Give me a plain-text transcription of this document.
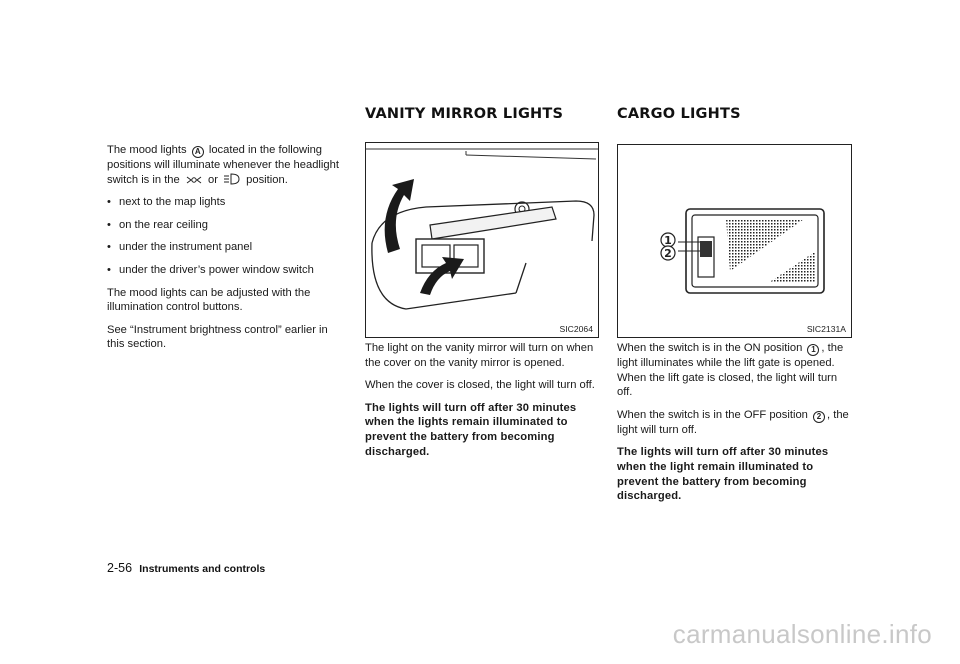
The mood lights A located in the following positions will illuminate whenever the headlight switch is in the	or	position.

• next to the map lights
• on the rear ceiling
• under the instrument panel
• under the driver’s power window switch

The mood lights can be adjusted with the illumination control buttons.

See “Instrument brightness control” earlier in this section.

VANITY MIRROR LIGHTS	CARGO LIGHTS
SIC2064
1
2
SIC2131A

The light on the vanity mirror will turn on when the cover on the vanity mirror is opened.

When the cover is closed, the light will turn off.

The lights will turn off after 30 minutes when the lights remain illuminated to prevent the battery from becoming discharged.

When the switch is in the ON position 1 , the light illuminates while the lift gate is opened. When the lift gate is closed, the light will turn off.

When the switch is in the OFF position 2 , the light will turn off.

The lights will turn off after 30 minutes when the light remain illuminated to prevent the battery from becoming discharged.

2-56 Instruments and controls
carmanualsonline.info
